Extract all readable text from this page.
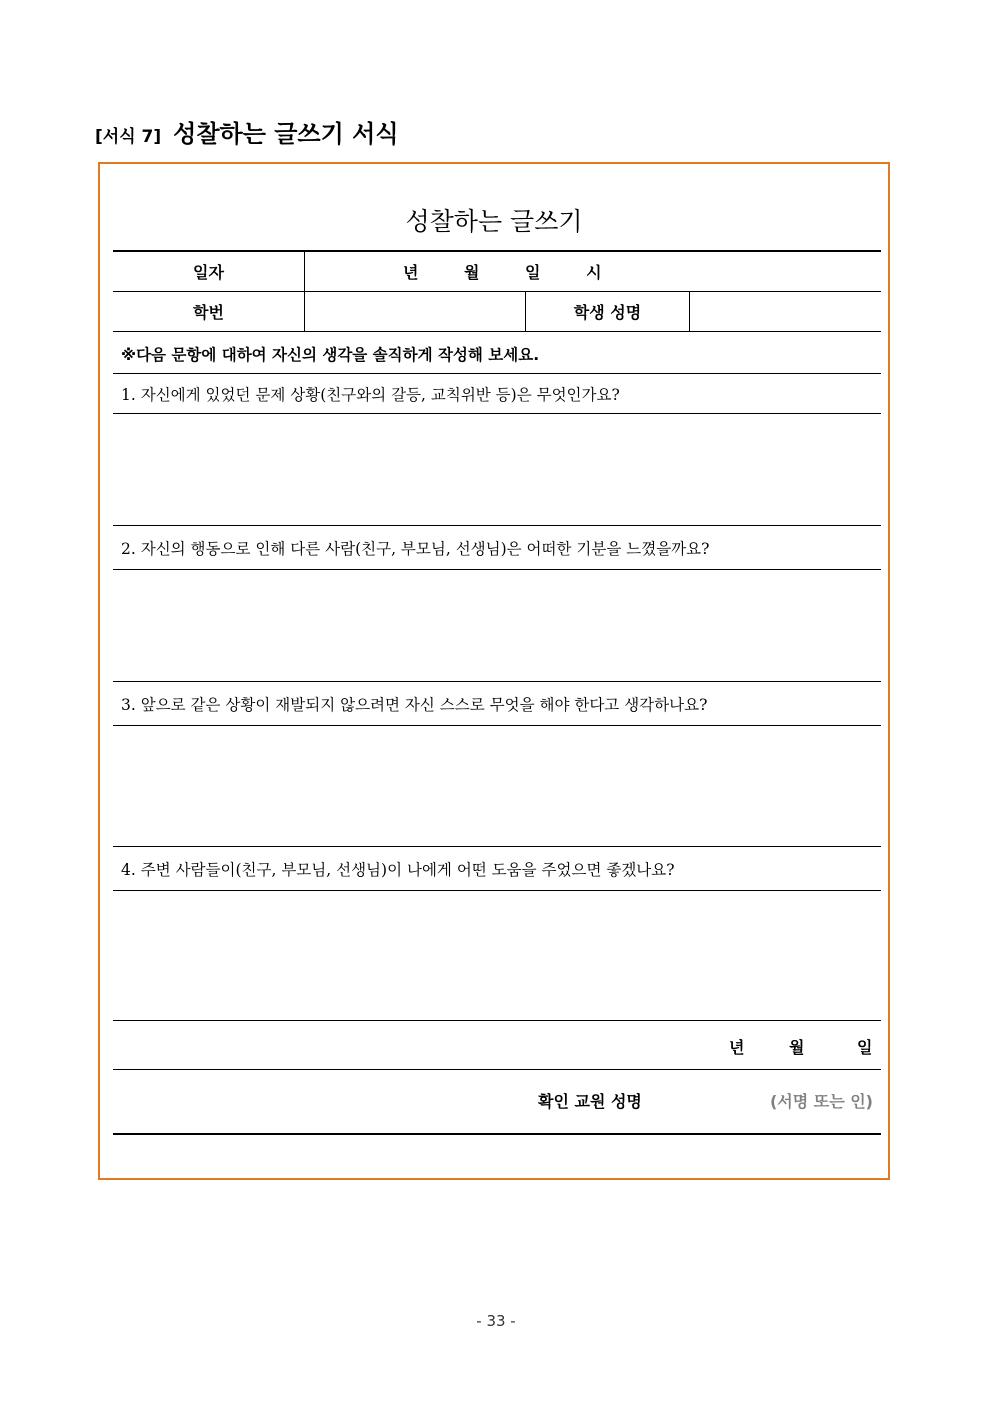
[서식 7] 성찰하는 글쓰기 서식
성찰하는 글쓰기
일자	년 월 일 시		
학번		학생 성명	
※다음 문항에 대하여 자신의 생각을 솔직하게 작성해 보세요.
1. 자신에게 있었던 문제 상황(친구와의 갈등, 교칙위반 등)은 무엇인가요?
2. 자신의 행동으로 인해 다른 사람(친구, 부모님, 선생님)은 어떠한 기분을 느꼈을까요?
3. 앞으로 같은 상황이 재발되지 않으려면 자신 스스로 무엇을 해야 한다고 생각하나요?
4. 주변 사람들이(친구, 부모님, 선생님)이 나에게 어떤 도움을 주었으면 좋겠나요?
년	월	일
확인 교원 성명	(서명 또는 인)
- 33 -
